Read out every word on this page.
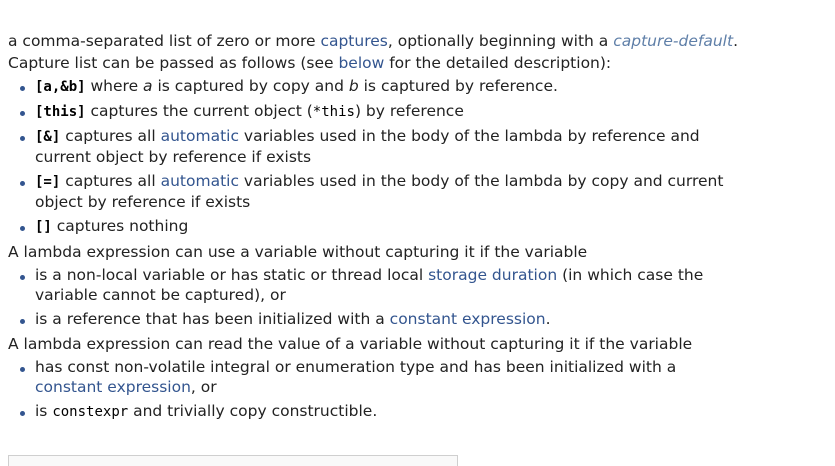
a comma-separated list of zero or more captures, optionally beginning with a capture-default.

Capture list can be passed as follows (see below for the detailed description):

[a,&b] where a is captured by copy and b is captured by reference.
[this] captures the current object (*this) by reference
[&] captures all automatic variables used in the body of the lambda by reference and
current object by reference if exists
[=] captures all automatic variables used in the body of the lambda by copy and current
object by reference if exists
[] captures nothing

A lambda expression can use a variable without capturing it if the variable

is a non-local variable or has static or thread local storage duration (in which case the
variable cannot be captured), or
is a reference that has been initialized with a constant expression.

A lambda expression can read the value of a variable without capturing it if the variable

has const non-volatile integral or enumeration type and has been initialized with a
constant expression, or
is constexpr and trivially copy constructible.
